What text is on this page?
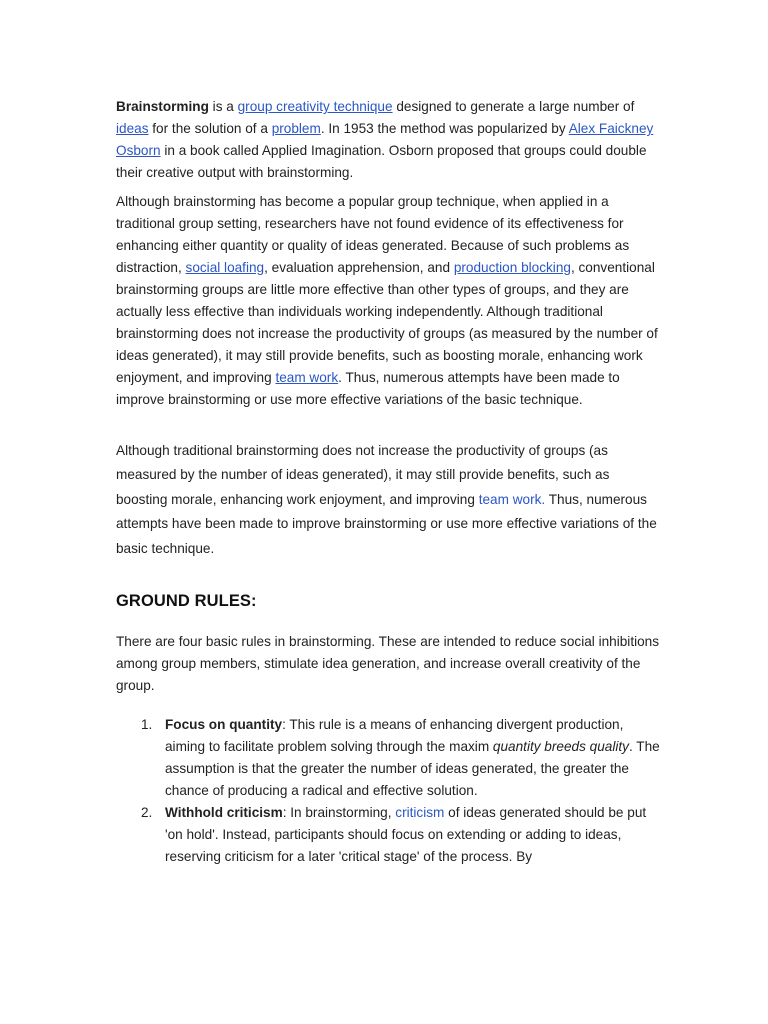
Brainstorming is a group creativity technique designed to generate a large number of ideas for the solution of a problem. In 1953 the method was popularized by Alex Faickney Osborn in a book called Applied Imagination. Osborn proposed that groups could double their creative output with brainstorming.

Although brainstorming has become a popular group technique, when applied in a traditional group setting, researchers have not found evidence of its effectiveness for enhancing either quantity or quality of ideas generated. Because of such problems as distraction, social loafing, evaluation apprehension, and production blocking, conventional brainstorming groups are little more effective than other types of groups, and they are actually less effective than individuals working independently. Although traditional brainstorming does not increase the productivity of groups (as measured by the number of ideas generated), it may still provide benefits, such as boosting morale, enhancing work enjoyment, and improving team work. Thus, numerous attempts have been made to improve brainstorming or use more effective variations of the basic technique.

Although traditional brainstorming does not increase the productivity of groups (as measured by the number of ideas generated), it may still provide benefits, such as boosting morale, enhancing work enjoyment, and improving team work. Thus, numerous attempts have been made to improve brainstorming or use more effective variations of the basic technique.

GROUND RULES:

There are four basic rules in brainstorming. These are intended to reduce social inhibitions among group members, stimulate idea generation, and increase overall creativity of the group.

1. Focus on quantity: This rule is a means of enhancing divergent production, aiming to facilitate problem solving through the maxim quantity breeds quality. The assumption is that the greater the number of ideas generated, the greater the chance of producing a radical and effective solution.
2. Withhold criticism: In brainstorming, criticism of ideas generated should be put 'on hold'. Instead, participants should focus on extending or adding to ideas, reserving criticism for a later 'critical stage' of the process. By
